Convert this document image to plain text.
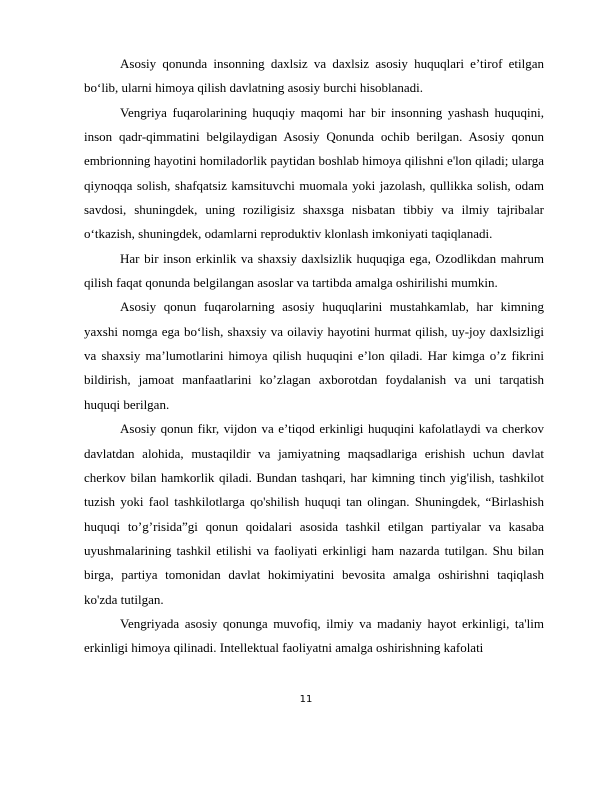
Asosiy qonunda insonning daxlsiz va daxlsiz asosiy huquqlari e’tirof etilgan bo‘lib, ularni himoya qilish davlatning asosiy burchi hisoblanadi.

Vengriya fuqarolarining huquqiy maqomi har bir insonning yashash huquqini, inson qadr-qimmatini belgilaydigan Asosiy Qonunda ochib berilgan. Asosiy qonun embrionning hayotini homiladorlik paytidan boshlab himoya qilishni e'lon qiladi; ularga qiynoqqa solish, shafqatsiz kamsituvchi muomala yoki jazolash, qullikka solish, odam savdosi, shuningdek, uning roziligisiz shaxsga nisbatan tibbiy va ilmiy tajribalar o‘tkazish, shuningdek, odamlarni reproduktiv klonlash imkoniyati taqiqlanadi.

Har bir inson erkinlik va shaxsiy daxlsizlik huquqiga ega, Ozodlikdan mahrum qilish faqat qonunda belgilangan asoslar va tartibda amalga oshirilishi mumkin.

Asosiy qonun fuqarolarning asosiy huquqlarini mustahkamlab, har kimning yaxshi nomga ega bo‘lish, shaxsiy va oilaviy hayotini hurmat qilish, uy-joy daxlsizligi va shaxsiy ma’lumotlarini himoya qilish huquqini e’lon qiladi. Har kimga o’z fikrini bildirish, jamoat manfaatlarini ko’zlagan axborotdan foydalanish va uni tarqatish huquqi berilgan.

Asosiy qonun fikr, vijdon va e’tiqod erkinligi huquqini kafolatlaydi va cherkov davlatdan alohida, mustaqildir va jamiyatning maqsadlariga erishish uchun davlat cherkov bilan hamkorlik qiladi. Bundan tashqari, har kimning tinch yig'ilish, tashkilot tuzish yoki faol tashkilotlarga qo'shilish huquqi tan olingan. Shuningdek, “Birlashish huquqi to’g’risida”gi qonun qoidalari asosida tashkil etilgan partiyalar va kasaba uyushmalarining tashkil etilishi va faoliyati erkinligi ham nazarda tutilgan. Shu bilan birga, partiya tomonidan davlat hokimiyatini bevosita amalga oshirishni taqiqlash ko'zda tutilgan.

Vengriyada asosiy qonunga muvofiq, ilmiy va madaniy hayot erkinligi, ta'lim erkinligi himoya qilinadi. Intellektual faoliyatni amalga oshirishning kafolati

11
